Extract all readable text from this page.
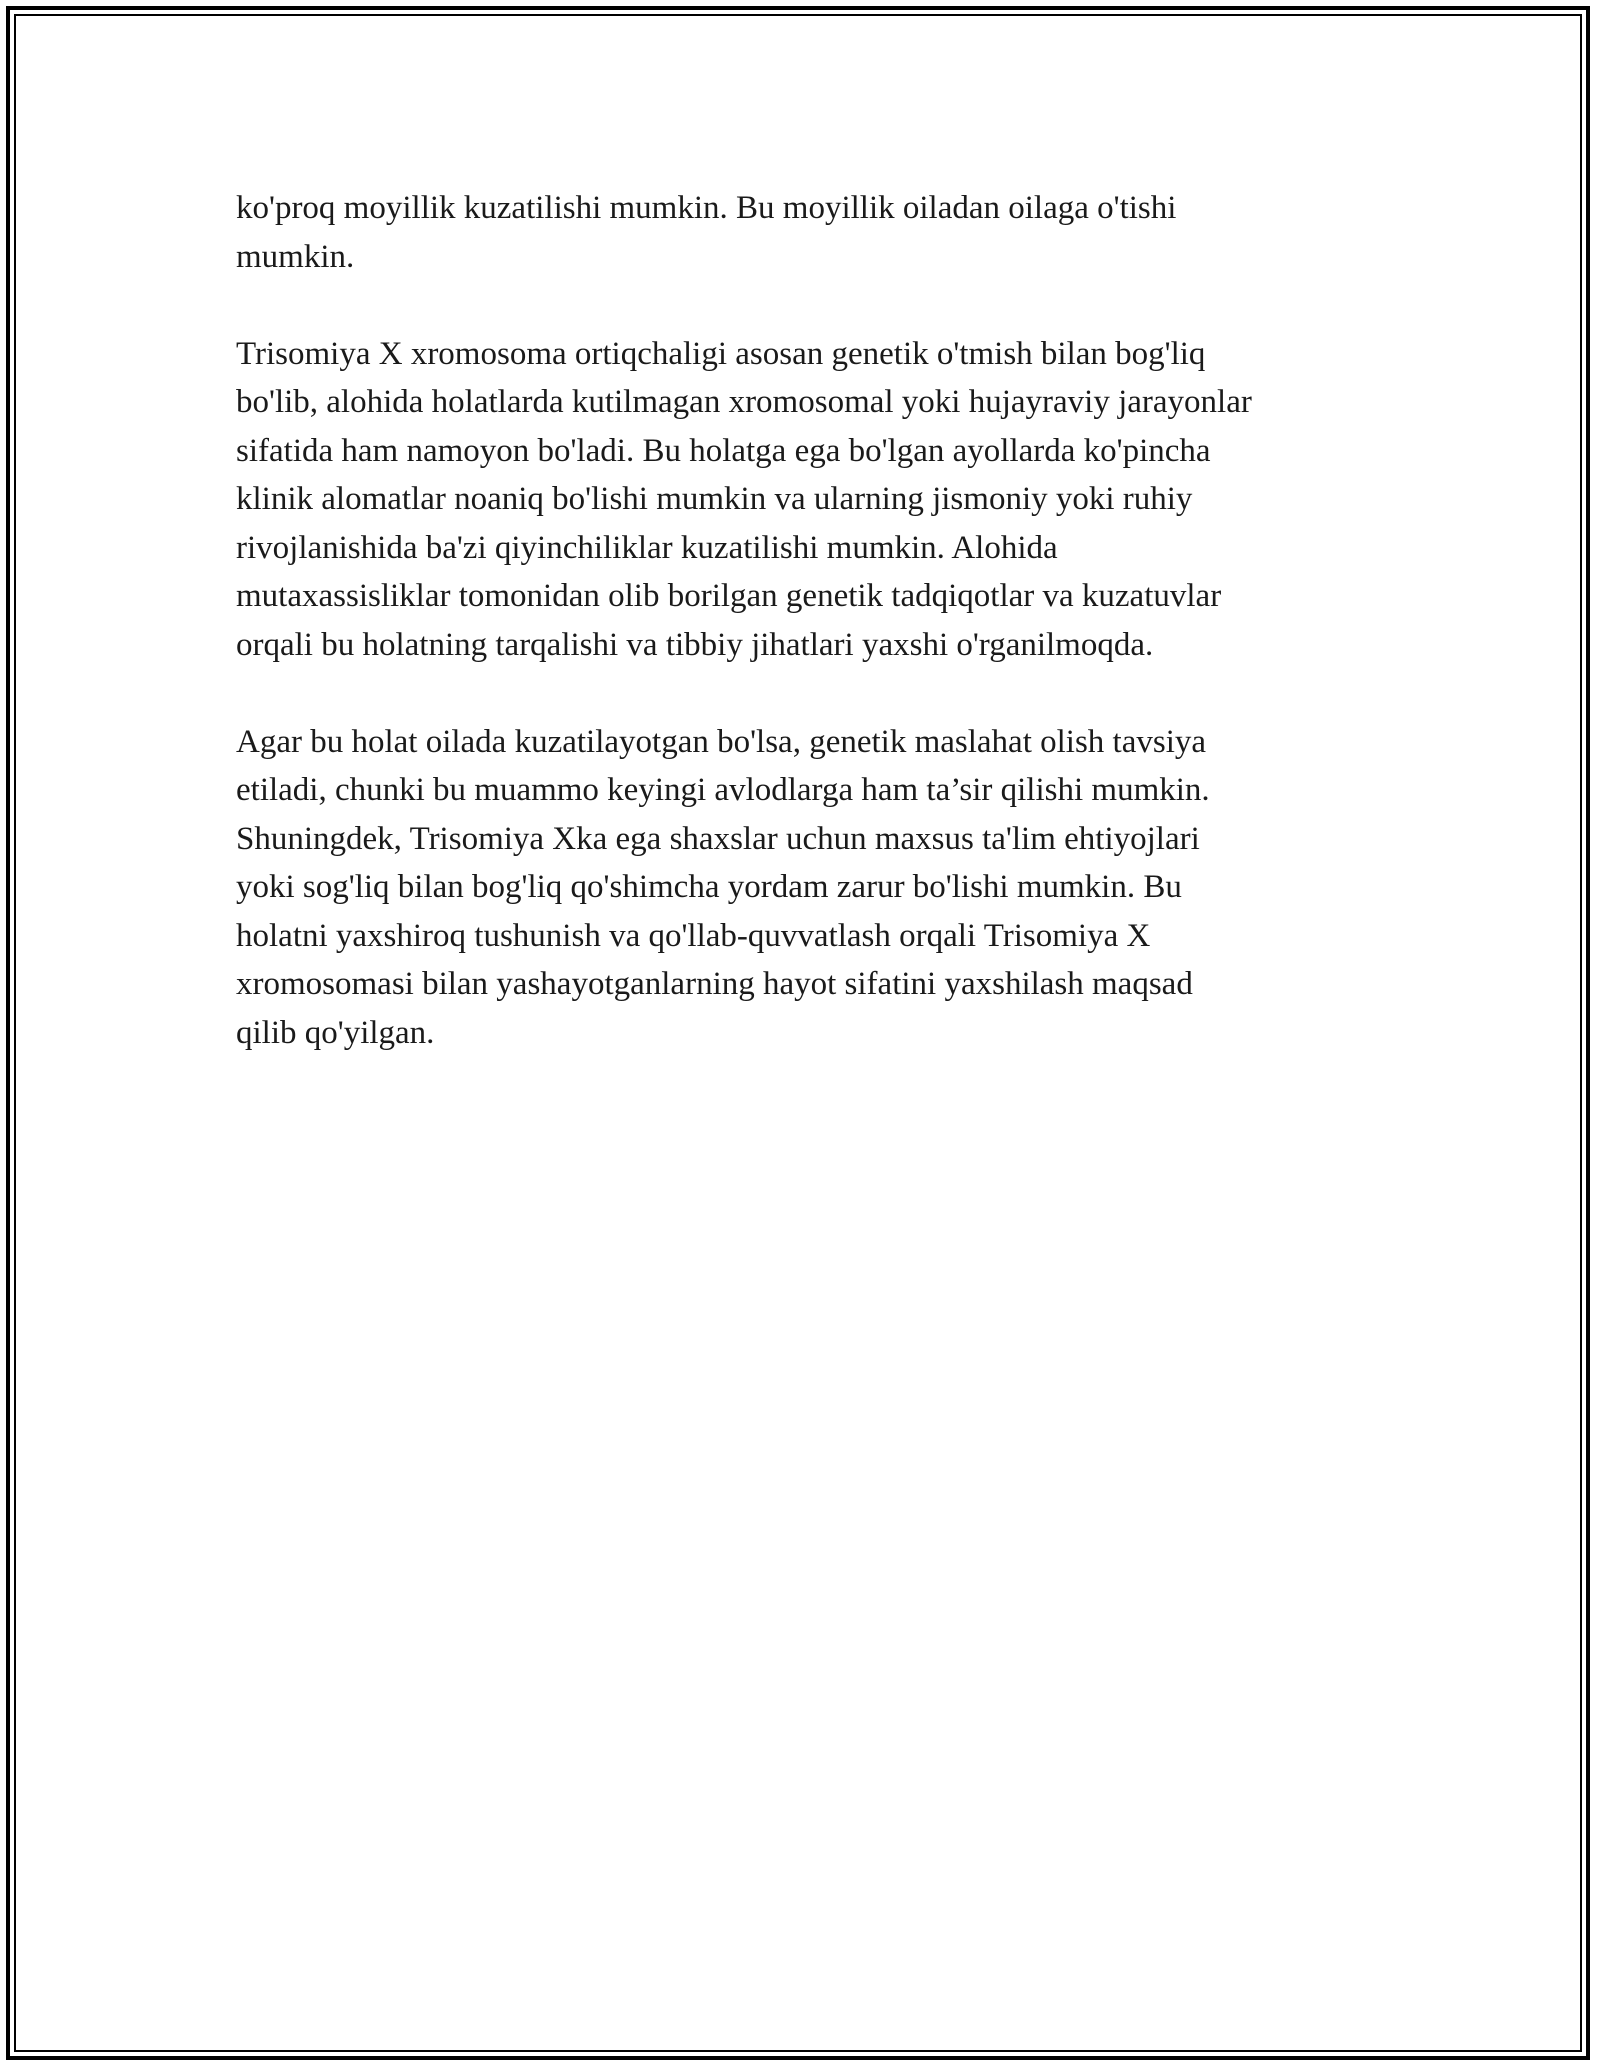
ko'proq moyillik kuzatilishi mumkin. Bu moyillik oiladan oilaga o'tishi
mumkin.

Trisomiya X xromosoma ortiqchaligi asosan genetik o'tmish bilan bog'liq
bo'lib, alohida holatlarda kutilmagan xromosomal yoki hujayraviy jarayonlar
sifatida ham namoyon bo'ladi. Bu holatga ega bo'lgan ayollarda ko'pincha
klinik alomatlar noaniq bo'lishi mumkin va ularning jismoniy yoki ruhiy
rivojlanishida ba'zi qiyinchiliklar kuzatilishi mumkin. Alohida
mutaxassisliklar tomonidan olib borilgan genetik tadqiqotlar va kuzatuvlar
orqali bu holatning tarqalishi va tibbiy jihatlari yaxshi o'rganilmoqda.

Agar bu holat oilada kuzatilayotgan bo'lsa, genetik maslahat olish tavsiya
etiladi, chunki bu muammo keyingi avlodlarga ham ta’sir qilishi mumkin.
Shuningdek, Trisomiya Xka ega shaxslar uchun maxsus ta'lim ehtiyojlari
yoki sog'liq bilan bog'liq qo'shimcha yordam zarur bo'lishi mumkin. Bu
holatni yaxshiroq tushunish va qo'llab-quvvatlash orqali Trisomiya X
xromosomasi bilan yashayotganlarning hayot sifatini yaxshilash maqsad
qilib qo'yilgan.
